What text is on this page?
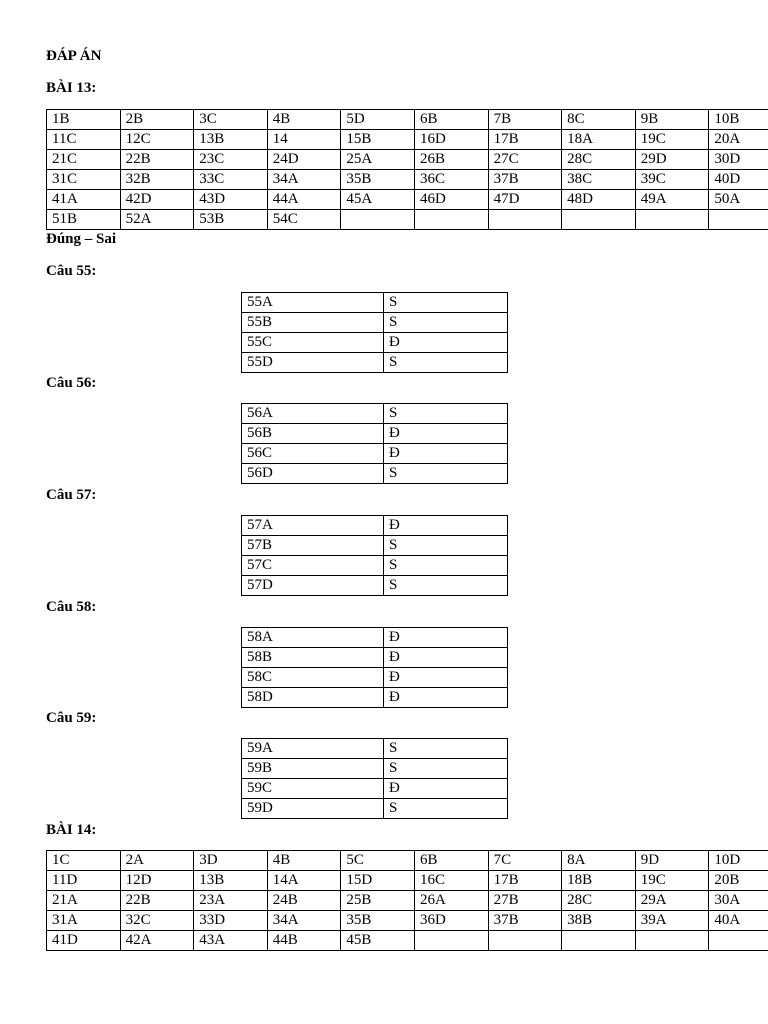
ĐÁP ÁN
BÀI 13:
1B	2B	3C	4B	5D	6B	7B	8C	9B	10B
11C	12C	13B	14	15B	16D	17B	18A	19C	20A
21C	22B	23C	24D	25A	26B	27C	28C	29D	30D
31C	32B	33C	34A	35B	36C	37B	38C	39C	40D
41A	42D	43D	44A	45A	46D	47D	48D	49A	50A
51B	52A	53B	54C						
Đúng – Sai
Câu 55:
55A	S
55B	S
55C	Đ
55D	S
Câu 56:
56A	S
56B	Đ
56C	Đ
56D	S
Câu 57:
57A	Đ
57B	S
57C	S
57D	S
Câu 58:
58A	Đ
58B	Đ
58C	Đ
58D	Đ
Câu 59:
59A	S
59B	S
59C	Đ
59D	S
BÀI 14:
1C	2A	3D	4B	5C	6B	7C	8A	9D	10D
11D	12D	13B	14A	15D	16C	17B	18B	19C	20B
21A	22B	23A	24B	25B	26A	27B	28C	29A	30A
31A	32C	33D	34A	35B	36D	37B	38B	39A	40A
41D	42A	43A	44B	45B					
